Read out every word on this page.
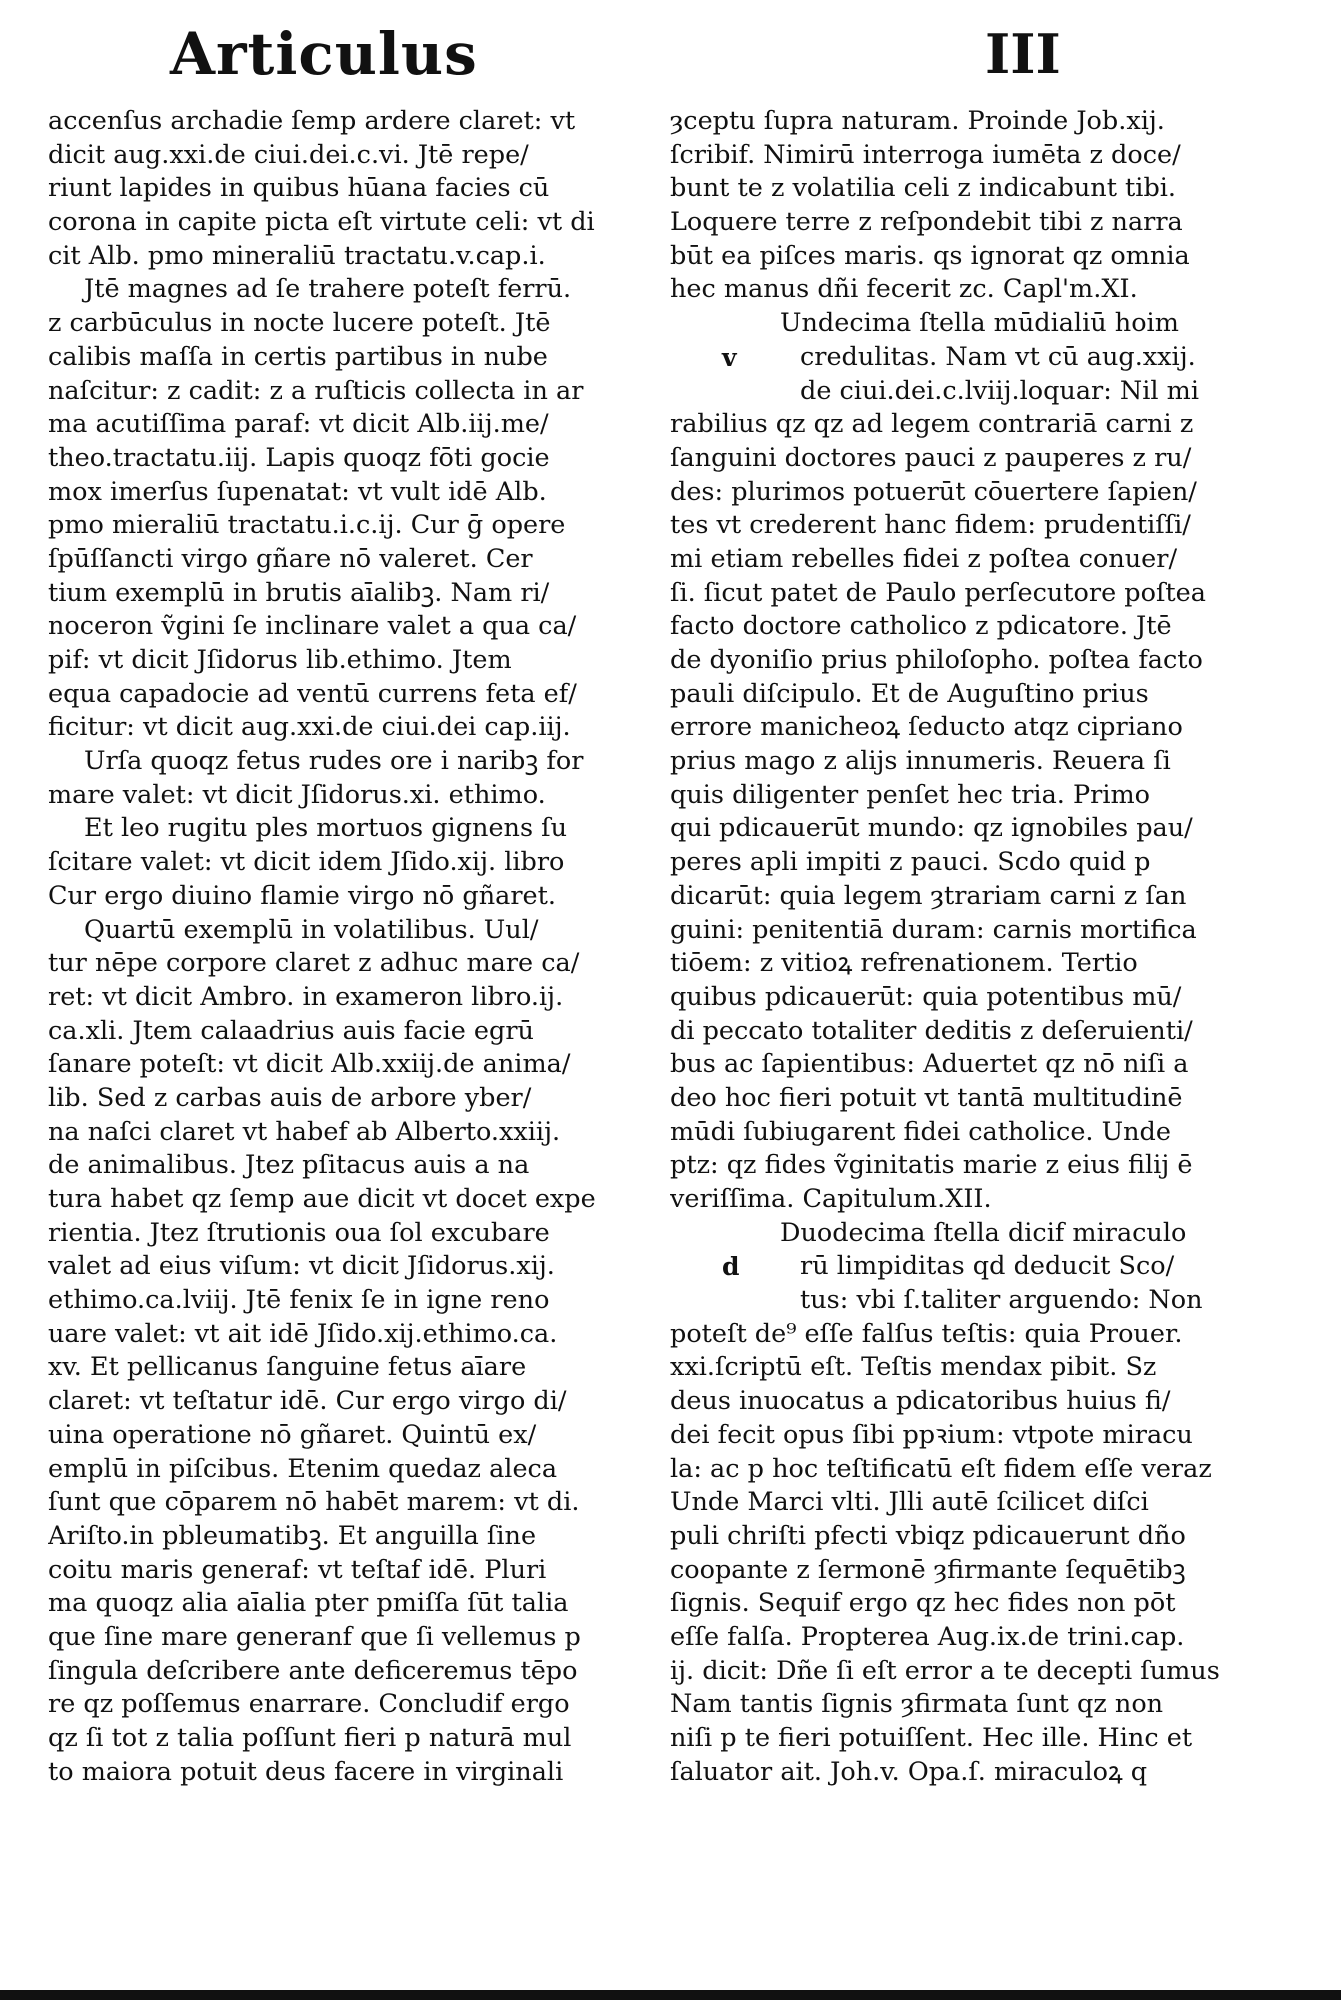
Articulus	III
accenſus archadie ſemp ardere claret: vt
dicit aug.xxi.de ciui.dei.c.vi. Jtē repe/
riunt lapides in quibus hūana facies cū
corona in capite picta eſt virtute celi: vt di
cit Alb. pmo mineraliū tractatu.v.cap.i.
Jtē magnes ad ſe trahere poteſt ferrū.
z carbūculus in nocte lucere poteſt. Jtē
calibis maſſa in certis partibus in nube
naſcitur: z cadit: z a ruſticis collecta in ar
ma acutiſſima paraf: vt dicit Alb.iij.me/
theo.tractatu.iij. Lapis quoqz fōti gocie
mox imerſus ſupenatat: vt vult idē Alb.
pmo mieraliū tractatu.i.c.ij. Cur ḡ opere
ſpūſſancti virgo gñare nō valeret. Cer
tium exemplū in brutis aīalibꝫ. Nam ri/
noceron ṽgini ſe inclinare valet a qua ca/
pif: vt dicit Jſidorus lib.ethimo. Jtem
equa capadocie ad ventū currens feta ef/
ficitur: vt dicit aug.xxi.de ciui.dei cap.iij.
Urſa quoqz fetus rudes ore i naribꝫ for
mare valet: vt dicit Jſidorus.xi. ethimo.
Et leo rugitu ples mortuos gignens ſu
ſcitare valet: vt dicit idem Jſido.xij. libro
Cur ergo diuino flamie virgo nō gñaret.
Quartū exemplū in volatilibus. Uul/
tur nēpe corpore claret z adhuc mare ca/
ret: vt dicit Ambro. in exameron libro.ij.
ca.xli. Jtem calaadrius auis facie egrū
ſanare poteſt: vt dicit Alb.xxiij.de anima/
lib. Sed z carbas auis de arbore yber/
na naſci claret vt habef ab Alberto.xxiij.
de animalibus. Jtez pſitacus auis a na
tura habet qz ſemp aue dicit vt docet expe
rientia. Jtez ſtrutionis oua ſol excubare
valet ad eius viſum: vt dicit Jſidorus.xij.
ethimo.ca.lviij. Jtē fenix ſe in igne reno
uare valet: vt ait idē Jſido.xij.ethimo.ca.
xv. Et pellicanus ſanguine fetus aīare
claret: vt teſtatur idē. Cur ergo virgo di/
uina operatione nō gñaret. Quintū ex/
emplū in piſcibus. Etenim quedaz aleca
ſunt que cōparem nō habēt marem: vt di.
Ariſto.in pbleumatibꝫ. Et anguilla ſine
coitu maris generaf: vt teſtaf idē. Pluri
ma quoqz alia aīalia pter pmiſſa ſūt talia
que ſine mare generanf que ſi vellemus p
ſingula deſcribere ante deficeremus tēpo
re qz poſſemus enarrare. Concludif ergo
qz ſi tot z talia poſſunt fieri p naturā mul
to maiora potuit deus facere in virginali
ȝceptu ſupra naturam. Proinde Job.xij.
ſcribif. Nimirū interroga iumēta z doce/
bunt te z volatilia celi z indicabunt tibi.
Loquere terre z reſpondebit tibi z narra
būt ea piſces maris. qs ignorat qz omnia
hec manus dñi fecerit zc. Capl'm.XI.
Undecima ſtella mūdialiū hoim
v credulitas. Nam vt cū aug.xxij.
de ciui.dei.c.lviij.loquar: Nil mi
rabilius qz qz ad legem contrariā carni z
ſanguini doctores pauci z pauperes z ru/
des: plurimos potuerūt cōuertere ſapien/
tes vt crederent hanc fidem: prudentiſſi/
mi etiam rebelles fidei z poſtea conuer/
ſi. ſicut patet de Paulo perſecutore poſtea
facto doctore catholico z pdicatore. Jtē
de dyoniſio prius philoſopho. poſtea facto
pauli diſcipulo. Et de Auguſtino prius
errore manicheoꝝ ſeducto atqz cipriano
prius mago z alijs innumeris. Reuera ſi
quis diligenter penſet hec tria. Primo
qui pdicauerūt mundo: qz ignobiles pau/
peres apli impiti z pauci. Scdo quid p
dicarūt: quia legem ȝtrariam carni z ſan
guini: penitentiā duram: carnis mortifica
tiōem: z vitioꝝ refrenationem. Tertio
quibus pdicauerūt: quia potentibus mū/
di peccato totaliter deditis z deſeruienti/
bus ac ſapientibus: Aduertet qz nō niſi a
deo hoc fieri potuit vt tantā multitudinē
mūdi ſubiugarent fidei catholice. Unde
ptz: qz fides ṽginitatis marie z eius filij ē
veriſſima. Capitulum.XII.
Duodecima ſtella dicif miraculo
d rū limpiditas qd deducit Sco/
tus: vbi ſ.taliter arguendo: Non
poteſt de⁹ eſſe falſus teſtis: quia Prouer.
xxi.ſcriptū eſt. Teſtis mendax pibit. Sz
deus inuocatus a pdicatoribus huius fi/
dei fecit opus ſibi ppꝛium: vtpote miracu
la: ac p hoc teſtificatū eſt fidem eſſe veraz
Unde Marci vlti. Jlli autē ſcilicet diſci
puli chriſti pfecti vbiqz pdicauerunt dño
coopante z ſermonē ȝfirmante ſequētibꝫ
ſignis. Sequif ergo qz hec fides non pōt
eſſe falſa. Propterea Aug.ix.de trini.cap.
ij. dicit: Dñe ſi eſt error a te decepti ſumus
Nam tantis ſignis ȝfirmata ſunt qz non
niſi p te fieri potuiſſent. Hec ille. Hinc et
ſaluator ait. Joh.v. Opa.ſ. miraculoꝝ q
